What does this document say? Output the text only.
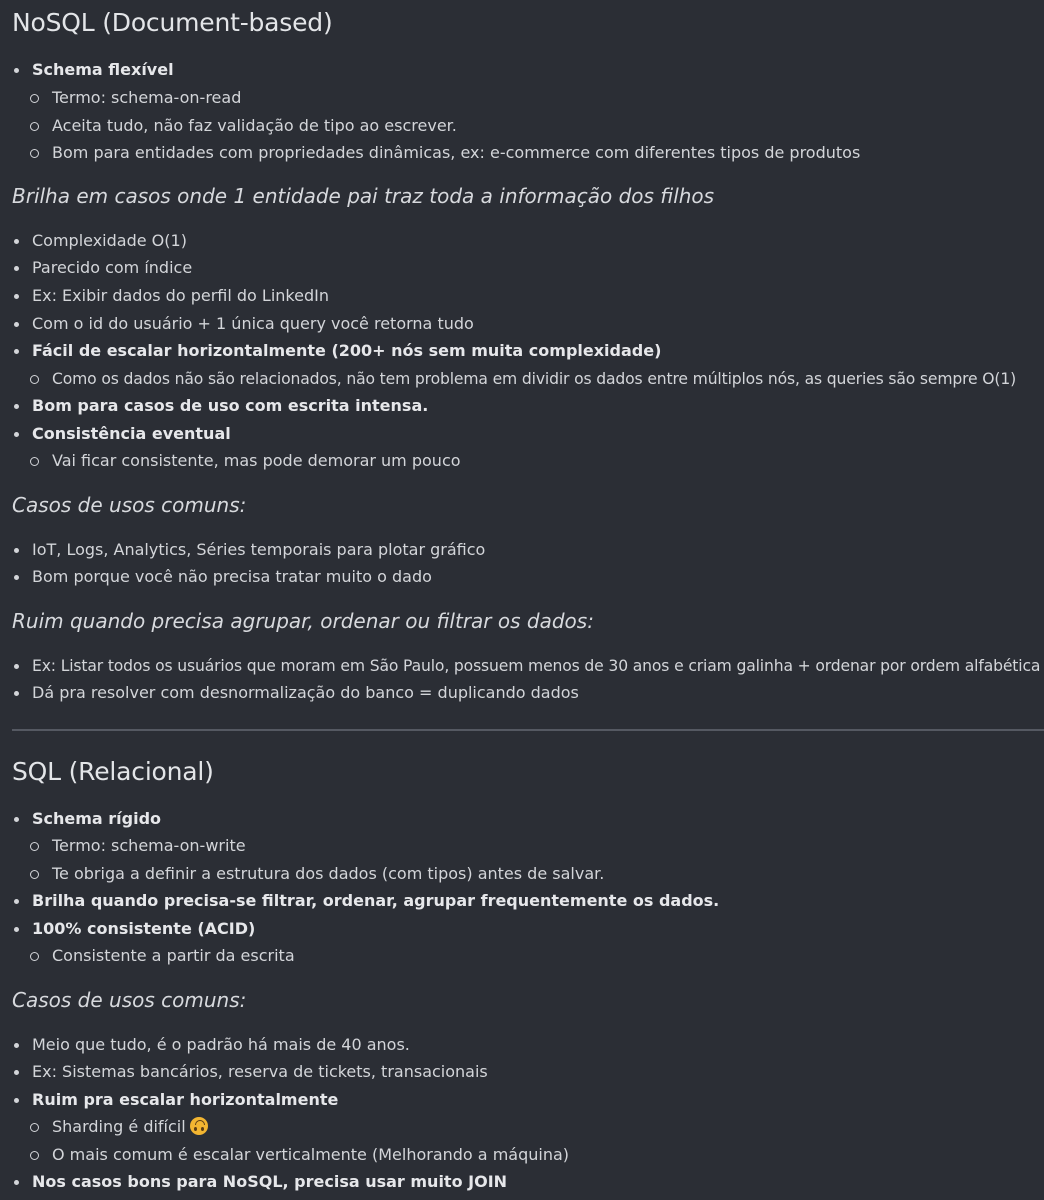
NoSQL (Document-based)
Schema flexível
Termo: schema-on-read
Aceita tudo, não faz validação de tipo ao escrever.
Bom para entidades com propriedades dinâmicas, ex: e-commerce com diferentes tipos de produtos
Brilha em casos onde 1 entidade pai traz toda a informação dos filhos
Complexidade O(1)
Parecido com índice
Ex: Exibir dados do perfil do LinkedIn
Com o id do usuário + 1 única query você retorna tudo
Fácil de escalar horizontalmente (200+ nós sem muita complexidade)
Como os dados não são relacionados, não tem problema em dividir os dados entre múltiplos nós, as queries são sempre O(1)
Bom para casos de uso com escrita intensa.
Consistência eventual
Vai ficar consistente, mas pode demorar um pouco
Casos de usos comuns:
IoT, Logs, Analytics, Séries temporais para plotar gráfico
Bom porque você não precisa tratar muito o dado
Ruim quando precisa agrupar, ordenar ou filtrar os dados:
Ex: Listar todos os usuários que moram em São Paulo, possuem menos de 30 anos e criam galinha + ordenar por ordem alfabética
Dá pra resolver com desnormalização do banco = duplicando dados
SQL (Relacional)
Schema rígido
Termo: schema-on-write
Te obriga a definir a estrutura dos dados (com tipos) antes de salvar.
Brilha quando precisa-se filtrar, ordenar, agrupar frequentemente os dados.
100% consistente (ACID)
Consistente a partir da escrita
Casos de usos comuns:
Meio que tudo, é o padrão há mais de 40 anos.
Ex: Sistemas bancários, reserva de tickets, transacionais
Ruim pra escalar horizontalmente
Sharding é difícil
O mais comum é escalar verticalmente (Melhorando a máquina)
Nos casos bons para NoSQL, precisa usar muito JOIN
